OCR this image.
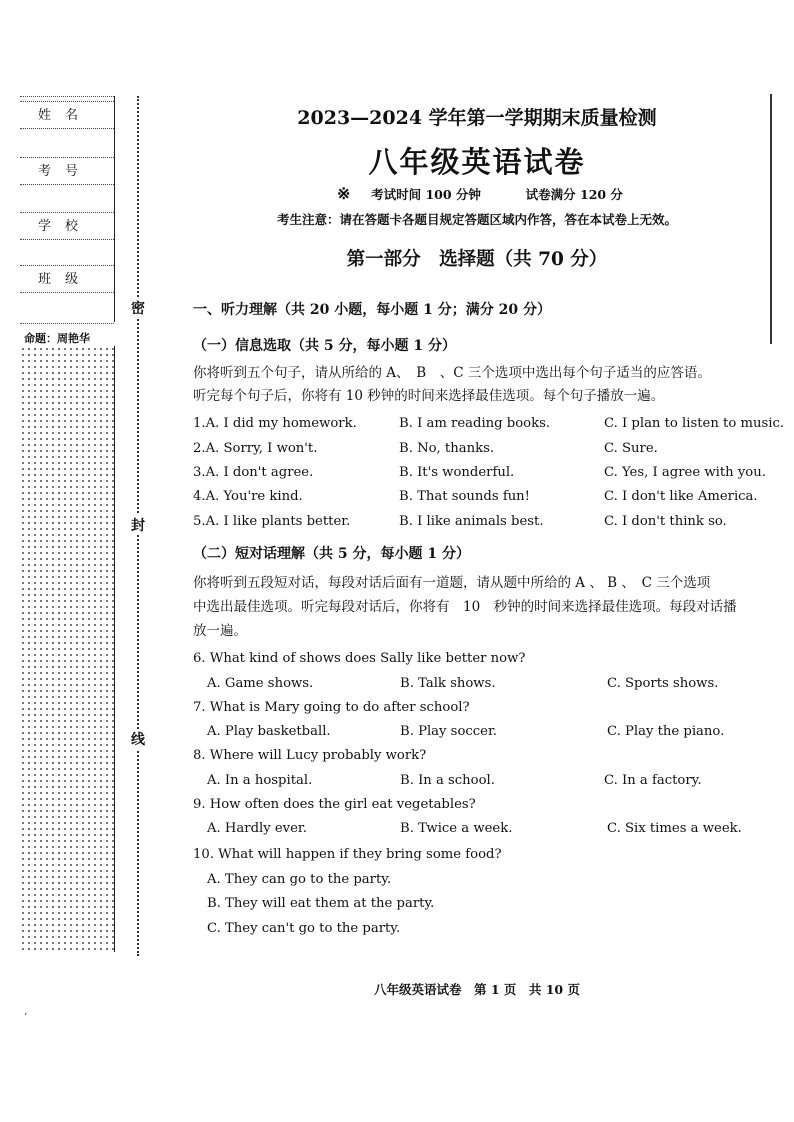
姓名
考号
学校
班级
命题：周艳华
密
封
线
2023—2024 学年第一学期期末质量检测
八年级英语试卷
※ 考试时间 100 分钟	试卷满分 120 分
考生注意：请在答题卡各题目规定答题区域内作答，答在本试卷上无效。
第一部分　选择题（共 70 分）
一、听力理解（共 20 小题，每小题 1 分；满分 20 分）
（一）信息选取（共 5 分，每小题 1 分）
你将听到五个句子，请从所给的 A、　B　、C 三个选项中选出每个句子适当的应答语。
听完每个句子后，你将有 10 秒钟的时间来选择最佳选项。每个句子播放一遍。
1.A. I did my homework.	B. I am reading books.	C. I plan to listen to music.
2.A. Sorry, I won't.	B. No, thanks.	C. Sure.
3.A. I don't agree.	B. It's wonderful.	C. Yes, I agree with you.
4.A. You're kind.	B. That sounds fun!	C. I don't like America.
5.A. I like plants better.	B. I like animals best.	C. I don't think so.
（二）短对话理解（共 5 分，每小题 1 分）
你将听到五段短对话，每段对话后面有一道题，请从题中所给的 A 、 B 、　C 三个选项
中选出最佳选项。听完每段对话后，你将有　10　秒钟的时间来选择最佳选项。每段对话播
放一遍。
6. What kind of shows does Sally like better now?
A. Game shows.	B. Talk shows.	C. Sports shows.
7. What is Mary going to do after school?
A. Play basketball.	B. Play soccer.	C. Play the piano.
8. Where will Lucy probably work?
A. In a hospital.	B. In a school.	C. In a factory.
9. How often does the girl eat vegetables?
A. Hardly ever.	B. Twice a week.	C. Six times a week.
10. What will happen if they bring some food?
A. They can go to the party.
B. They will eat them at the party.
C. They can't go to the party.
八年级英语试卷　第 1 页　共 10 页
‘
